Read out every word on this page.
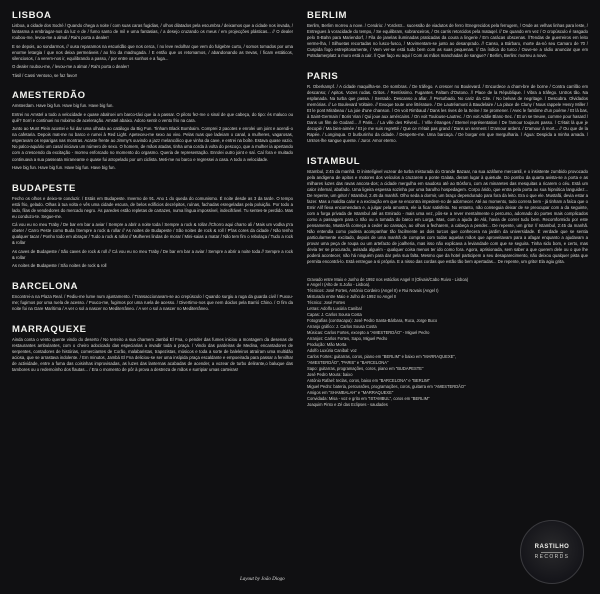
LISBOA

Lisboa, a cidade dos Sodré / Quando chega a noite / com suas caras fugidias, / olhos dilatados pela escumbra / deixamos que a cidade nos invada, / fantasma a embriagar-nos da luz e de / fumo santo de mil e uma fantasias, / a desejo cruzando os meus / em projecções plásticas... // O dealer roubou-me, levou-me a almal / Rai's porta a dealer!

E se depois, ao sondarmos, // ousa reparamos na escuridão que nos cerca, / no leve redolhar que vem do fulgebre curto, / somos tomados por uma enorme letargia / que nos deixa permeáveis / ao frio da madrugada. / E então que os retomamos, / abandonando as trevas, / ficam estáticos, silenciosos, / a verem-nos ir, equilibrando a passo, / por entre os sonhos e a fuga...

O dealer roubou-me, / levou-me a alma! / Rai's porta o dealer!

Tásil / Cassi Ventoso, se faz favor!

AMESTERDÃO

Amsterdam. Have big fun. Have big fun. Have big fun.

Entrei no Amstel a todo a velocidade e quase abalroei um barco-táxi que ia a passar. O piloto fez-me o sinal de que cabeça, do tipo: és maluco ou quê? Sorri e continuei no máximo de aceleração. Amstel abaixo. Adoro sentir o vento frio na cara.

Junto ao Munt Plein acostei e fui dar uma olhada ao catálogo da Big Fun. Tinham Black Bombaim. Comprei 2 pacotes e enrolei um joint e acendi-o na cafetaria. Depois mat-me no barco e rumei à Red Light. Apeteceu-me sexo ao vivo. Pelas ruas que ladeiam o canal, a mulheres, vagarosas, esperavam os reparigas nas montras. Acaste frente ao Jimmy's ouvindo a jazz melancólico que vinha da cave, e entrei na boîte. Estava quase vazio. No palco-aquário um casal iniciava um número de sexo. O homem, de mãos atadas, tinha uma corda à volta do pescoço, que a mulher ia apertando com a crescendo da excitação - morreu enforcado no momento do orgasmo. Queria de representação. Enrolei outro joint e saí. Caí fora e muitado continuava a sua passeata miraneante e quase fui atropelado por um ciclista. Meti-me no barco e regressei a casa. A todo a velocidade.

Have big fun. Have big fun. Have big fun. Have big fun.

BUDAPESTE

Fecho os olhos e deixo-te conduzir. / Estás em Budapeste. Inverno de 91. Ano 1 do queda do comunismo. É noite desde as 3 da tarde. O tempo está frio, gelado. Olhas à tua volta e vês uma cidade escura, de belos edifícios decrépitos, ruínas, fachadas esregeladas pela poluição. Por todo a lado, filas de vendedores do mercado negro. Às paredes estão repletas de cartazes, numa língua impossível, indecifrável. Tu sentes-te perdido. Mas eu conduzo-te. Segue-me.

Cá vou eu no meu Traby / De bar em bar a aviar / Sempre a abrir a noite toda / Sempre a rock & rollar //Chorro aqui charro ali / Mais um vodka p'ra obeter / Carro Peste como Buda /Sempre a rock & rollar // As noites de Budapeste / São noites de rock & roll / P'las cores da cidade / Não tenho qualquer tacar / Ponho todo em abraçar / Tudo a rock & rollar // Mulheres lindas de morar / Mini-saias a matar / Não tem fim o rebolaça / Tudo a rock & rollar

As caves de Budapeste / São caves de rock & roll // Cá vou eu no meu Traby / De bar em bar a aviar / Sempre a abrir a noite toda // Sempre a rock & rollar

As noites de Budapeste / São noites de rock & roll

BARCELONA

Encontrei-a na Plaza Real. / Pediu-me lume num ajuntamento. / Transaccionavam-se ao crepúsculo / Quando surgiu a ruga da guarda civil / Puxou-me; fugimos por uma ruela de acesso. / Pouco-me, fugimos por uma ruela de acesso. / Divertimo-nos que nem doidos pela Barrió Chino. / O fim da noite foi na Gare Marítima / A ver o sol a nascer no Mediterrâneo. / A ver o sol a nascer no Mediterrâneo.

MARRAQUEXE

Ainda conta o vento quente vindo do deserto / No terreiro a sua charnem Jambá El Fna, o pender das fumes iniciou a montagem da desenas de restaurantes ambulantes, com o cheiro adocicado das especiarias a invadir toda a praça. / Vindo das pardeiras de Medina, encantadores de serpentes, contadores de histórias, comerciantes de Corão, malabaristas, trapezistas, músicos e toda a sorte de baleleiros atraíram uma multidão aciosa, que se arrastava indolente. / Em minutos, Jambá El Fna deliciou-se ser uma insípida praça escaldante e empoeirada para passar a fervilhar de actividade, entre a fuma das coisinhas improvisadas, as luzes das lanternas acabadas de acender, a vozear de turbo delirante,o baluque das tambores ou o redemoinho dos flautas... / Era o momento de pôr à prova a destreza de mãos e surripiar umas carteiras!

BERLIM

Berlim, Berlim morreu a nove. / Cenário: / Yorckstr... sucessão de viadutos de ferro /Enegrecidos pela ferrugem, / Onde as velhas linhas para leste, / Entregues à voracidade do tempo, / Se equilibram, sobranceiros, / Os carris retorcidos pela mataqel. // De quando em vez / O cropúsculo é rasgado pelo S-Bahn para Mariendorf, / Fila de janelas iluminadas praticadas da coura a lingerie / Em carácas obscenas. //Tendas de guerreiros em leito verme-lha, / Silhuetas recortadas no lusco-fusco, / Movimentam-se junto ao desanprado. // Canso, a Bárbaro, morte da-nó seu Camaro de 70 / Cuspida fogo estrepitosamente, / Vem ver-se está tudo bem com as suas pequenas. // Da índica do turco / Ouve-se a rádio anunciar que em Potsdamerplatz a muro está a cair. // Que faço eu aqui / Com as mãos manchadas de sangue? / Berlim, Berlim: morreu a nove.

PARIS

R. Oberkampf. / A cidade maquilha-se. De sombras. / De tráfego. A crescer no Boulevard. / Encurdece a cham-bre de borne / Contra carrilão em descanso; / Apitos. Vozes rodas. Gritos. / Rentíssimo. Fugantes. Faltam d'Outono. // Place de la République. / Vibra a tráfego. Untros tão. Na esplanada. Na turba que passa. / Sentado. Descanso a afiar. // Perturbado. No cariz da Cite. / No belvas de negritage. / Descubra. Olvidados memórias. // Le Boulevard Voltaire. // Evoque toute une littérature. / De Lautréamont à Baudelaire / La place de Cluny / Nous rappele Henry Miller / Et le pont Mirabeau / La joie d'une chanson. / On voit Rimbaud / Dans les rives de la Seine / Se promener. / Avec le fantôme d'un poème / Et là bas, à Saint-Germain / Boris Vian / Qui joue aux amércains. / On voit Toulouse-Lautrec. / On voit Addie Blanc-Sec. / Et on se treuve, comme pour hasard / Dans un film de Godard... // Paris... / La ville des Rêvesl... / Ville étranges / Eternel représentation / De l'amour toujours passo. / C'était là que je decopié / Ma bien-aimée / Et je me suis regretté / Que ce n'était pas grand / Dans un serment / D'amour ardent. / D'amour à mort... // Ou que de la Rapée. / Longinqua. O burburinho da cidade. / Desperte-me. Uma barcaça. / De borgar em que mergulharia. / Água: Despida a minha amada. / Untros-lhe sangue quente. / Juror. Amor eterno.

ISTAMBUL

Istambul, 2:45 da manhã. O inintelígivel vozear de turba misturada do Grande Bazaar, na sua azáfame mercantil, e o insistente zumbido provocado pela andigena de apitos e motores dos veículos a cruzarem a ponte Galata, deram lugar à quietude. Do pombo da quarta avista-se a porta e as milhares luzes das ravas ancora-dos; a cidade mergulha em saudoso até ao Bósforo, com as minaretes das mesquitas a ricarem o céu. Está um calor infernal, abafado. Uma ligeira espessa sozinha por uma barulho hospedagem. Corpo árido, que entra pela porta ao sua hipnótica languidez... De repente, um grito! / Istambul, 2.45 da manhã. Olho seda a dormir, um braço dependurado para fora da leito. Era o que ele. Mustafá, devia estar a fazer. Mas a maldita calor e a excitação em que se encontra impedem-no de adormecer. Até ao momento, tudo correra bem - já tinham a faíca que o Emir Alif fiexa encomendara e, a julgar pela amostra, ele ia ficar satisfeito. No entanto, não conseguia deixar de se preocupar com a da seguinte, com a forga privada de Istambul até as Emirado - mais uma vez, pôs-se a rever mentalmente o percurso, adornado do portes mais complicados como a passagem para o Irão ou a tomada do barco em Lorga. Mas, com a ajuda de Alá, havia de correr tudo bem. Recomformido por este pensamento, Musta-fá começa a ceder ao cansaço, ao olhos a fecharem, a cabeça a pender... De repente, um grito! // Istambul, 2:45 da manhã. Não entendia como pudera acompanhar tão facilmente as dois turcos que conhecera na jardim da universidade. É verdade que se sentia particularmente excitado, depois de uma manhã de compras com todas aquelas mãos que aproveitavam para a afagar enquanto a ajudavam a provar uma peça de roupa ou um artefacto de joalheria, mas isso não explicava a leviandade com que se seguira. Tinha sido bom, e certo, mas devia ter se procurado, avisada alguém - qualquer coisa menos ter ido como fora. Agora, aprisionada, sem saber a que querem dele ou o que lhe poderá acontecer, não há ninguém para dar pela sua falta. Mesmo que da hotel participem a seu desaparecimento, não deixou qualquer pista que permita encontrá-lo. Está entregue a si própria. E a nisso das cordas que estão tão bem apertadas... De repente, um grito! Ela agiu grita.

Gravado entre Maio e Junho de 1992 nos estúdios Angel II (Olivais/Cabo Ruivo - Lisboa)

e Angel I (Alto de S.João - Lisboa).

Técnicos: José Fortes, António Cordeiro (Angel II) e Rui Novais (Angel I)

Misturado entre Maio e Julho de 1992 no Angel II

Técnico: José Fortes

Letras: Adolfo Luxúria Canibal

Capas: J. Carlos Sousa Costa

Fotografias (contracapa): José Pedro Santa-Bárbara, Ruca, Jorge Buco

Arranjo gráfico: J. Carlos Sousa Costa

Músicas: Carlos Fortes, excepto a "AMESTERDÃO" - Miguel Pedro

Arranjos: Carlos Fortes, Sapo, Miguel Pedro

Produção: Mão Morta

Adolfo Luxúria Canibal: voz

Carlos Fortes: guitarras, coros, piano em "BERLIM" e baixo em "MARRAQUEXE",

"AMESTERDÃO", "PARIS" e "BARCELONA"

Sapo: guitarras, programações, coros, piano em "BUDAPESTE"

José Pedro Moura: baixo

António Rafael: teclas, coros, baixo em "BARCELONA" e "BERLIM"

Miguel Pedro: bateria, percussões, programações, coros, guitarra em "AMESTERDÃO"

Amigos em "SHAMBALAH" e "MARRAQUEXE"

Convidada: Misa - voz e grito em "ISTAMBUL", coros em "BERLIM"

Joaquim Pinto e Zé das Eclipses - saudades

Layout by João Diogo
RASTILHO
RECORDS
